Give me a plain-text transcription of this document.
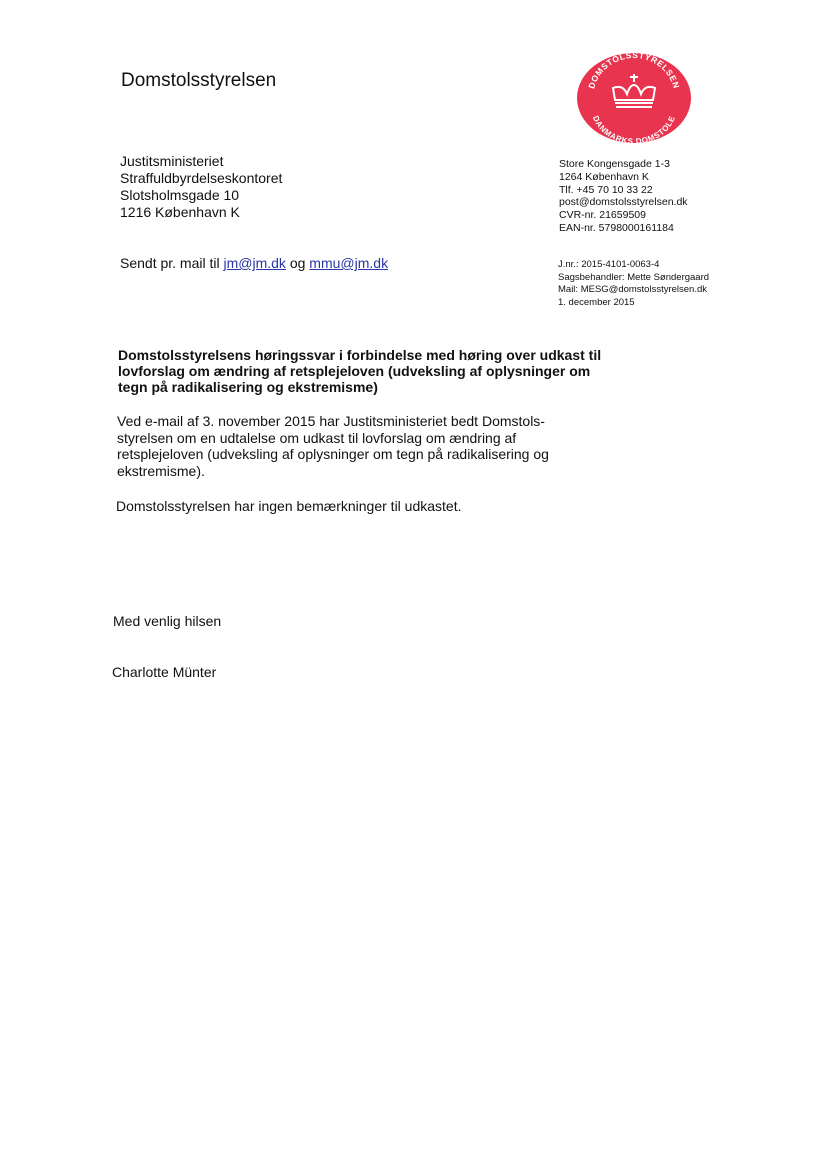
Domstolsstyrelsen	DOMSTOLSSTYRELSEN
DANMARKS DOMSTOLE
Justitsministeriet
Straffuldbyrdelseskontoret
Slotsholmsgade 10
1216 København K
Store Kongensgade 1-3
1264 København K
Tlf. +45 70 10 33 22
post@domstolsstyrelsen.dk
CVR-nr. 21659509
EAN-nr. 5798000161184
Sendt pr. mail til jm@jm.dk og mmu@jm.dk	J.nr.: 2015-4101-0063-4
Sagsbehandler: Mette Søndergaard
Mail: MESG@domstolsstyrelsen.dk
1. december 2015
Domstolsstyrelsens høringssvar i forbindelse med høring over udkast til lovforslag om ændring af retsplejeloven (udveksling af oplysninger om tegn på radikalisering og ekstremisme)
Ved e-mail af 3. november 2015 har Justitsministeriet bedt Domstols-styrelsen om en udtalelse om udkast til lovforslag om ændring af retsplejeloven (udveksling af oplysninger om tegn på radikalisering og ekstremisme).
Domstolsstyrelsen har ingen bemærkninger til udkastet.
Med venlig hilsen
Charlotte Münter
